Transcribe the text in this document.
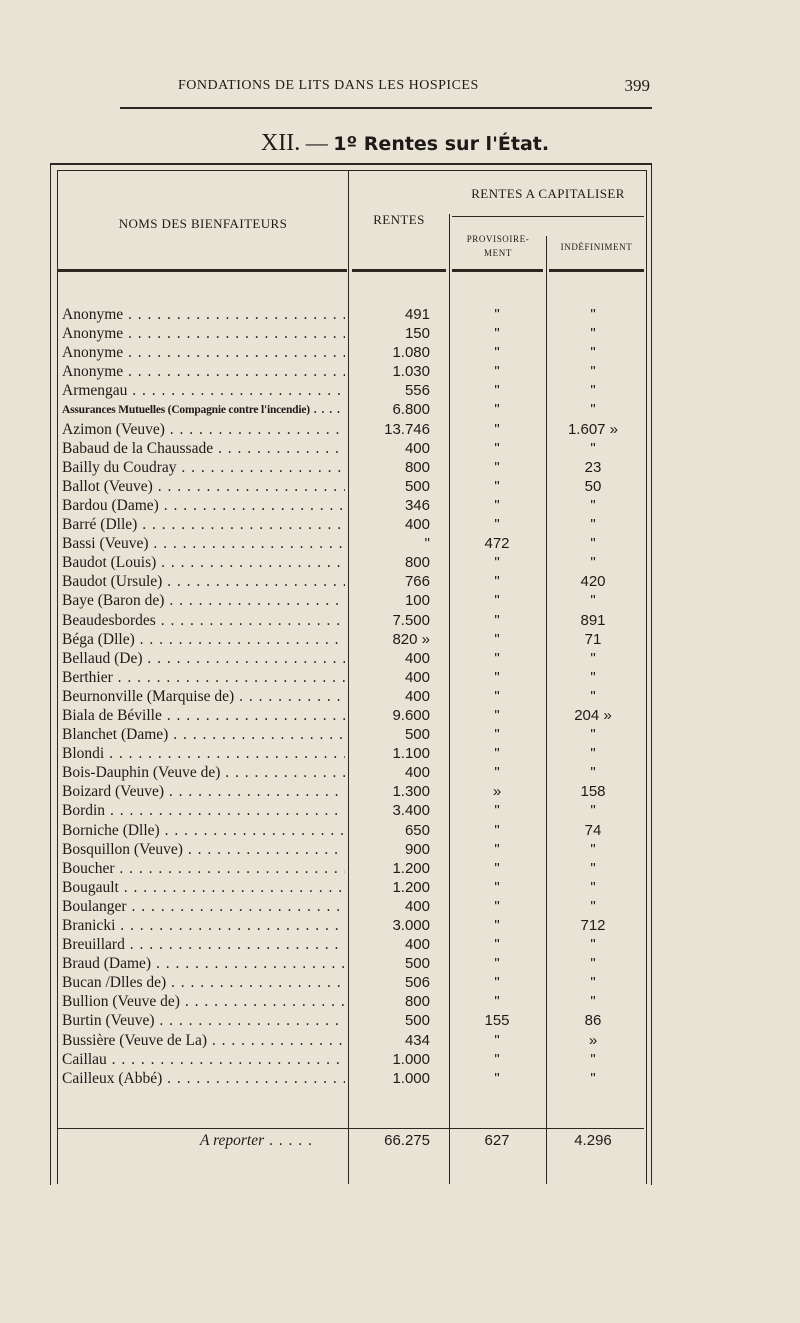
FONDATIONS DE LITS DANS LES HOSPICES	399
XII. — 1º Rentes sur l'État.
NOMS DES BIENFAITEURS	RENTES
RENTES A CAPITALISER
PROVISOIRE-
MENT
INDÉFINIMENT
Anonyme . . .	491	"	"
Anonyme . . .	150	"	"
Anonyme . . .	1.080	"	"
Anonyme . . .	1.030	"	"
Armengau . . .	556	"	"
Assurances Mutuelles (Compagnie contre l'incendie) . . .	6.800	"	"
Azimon (Veuve) . . .	13.746	"	1.607 »
Babaud de la Chaussade . . .	400	"	"
Bailly du Coudray . . .	800	"	23
Ballot (Veuve) . . .	500	"	50
Bardou (Dame) . . .	346	"	"
Barré (Dlle) . . .	400	"	"
Bassi (Veuve) . . .	"	472	"
Baudot (Louis) . . .	800	"	"
Baudot (Ursule) . . .	766	"	420
Baye (Baron de) . . .	100	"	"
Beaudesbordes . . .	7.500	"	891
Béga (Dlle) . . .	820 »	"	71
Bellaud (De) . . .	400	"	"
Berthier . . .	400	"	"
Beurnonville (Marquise de) . . .	400	"	"
Biala de Béville . . .	9.600	"	204 »
Blanchet (Dame) . . .	500	"	"
Blondi . . .	1.100	"	"
Bois-Dauphin (Veuve de) . . .	400	"	"
Boizard (Veuve) . . .	1.300	»	158
Bordin . . .	3.400	"	"
Borniche (Dlle) . . .	650	"	74
Bosquillon (Veuve) . . .	900	"	"
Boucher . . .	1.200	"	"
Bougault . . .	1.200	"	"
Boulanger . . .	400	"	"
Branicki . . .	3.000	"	712
Breuillard . . .	400	"	"
Braud (Dame) . . .	500	"	"
Bucan /Dlles de) . . .	506	"	"
Bullion (Veuve de) . . .	800	"	"
Burtin (Veuve) . . .	500	155	86
Bussière (Veuve de La) . . .	434	"	»
Caillau . . .	1.000	"	"
Cailleux (Abbé) . . .	1.000	"	"
A reporter . . .	66.275	627	4.296
